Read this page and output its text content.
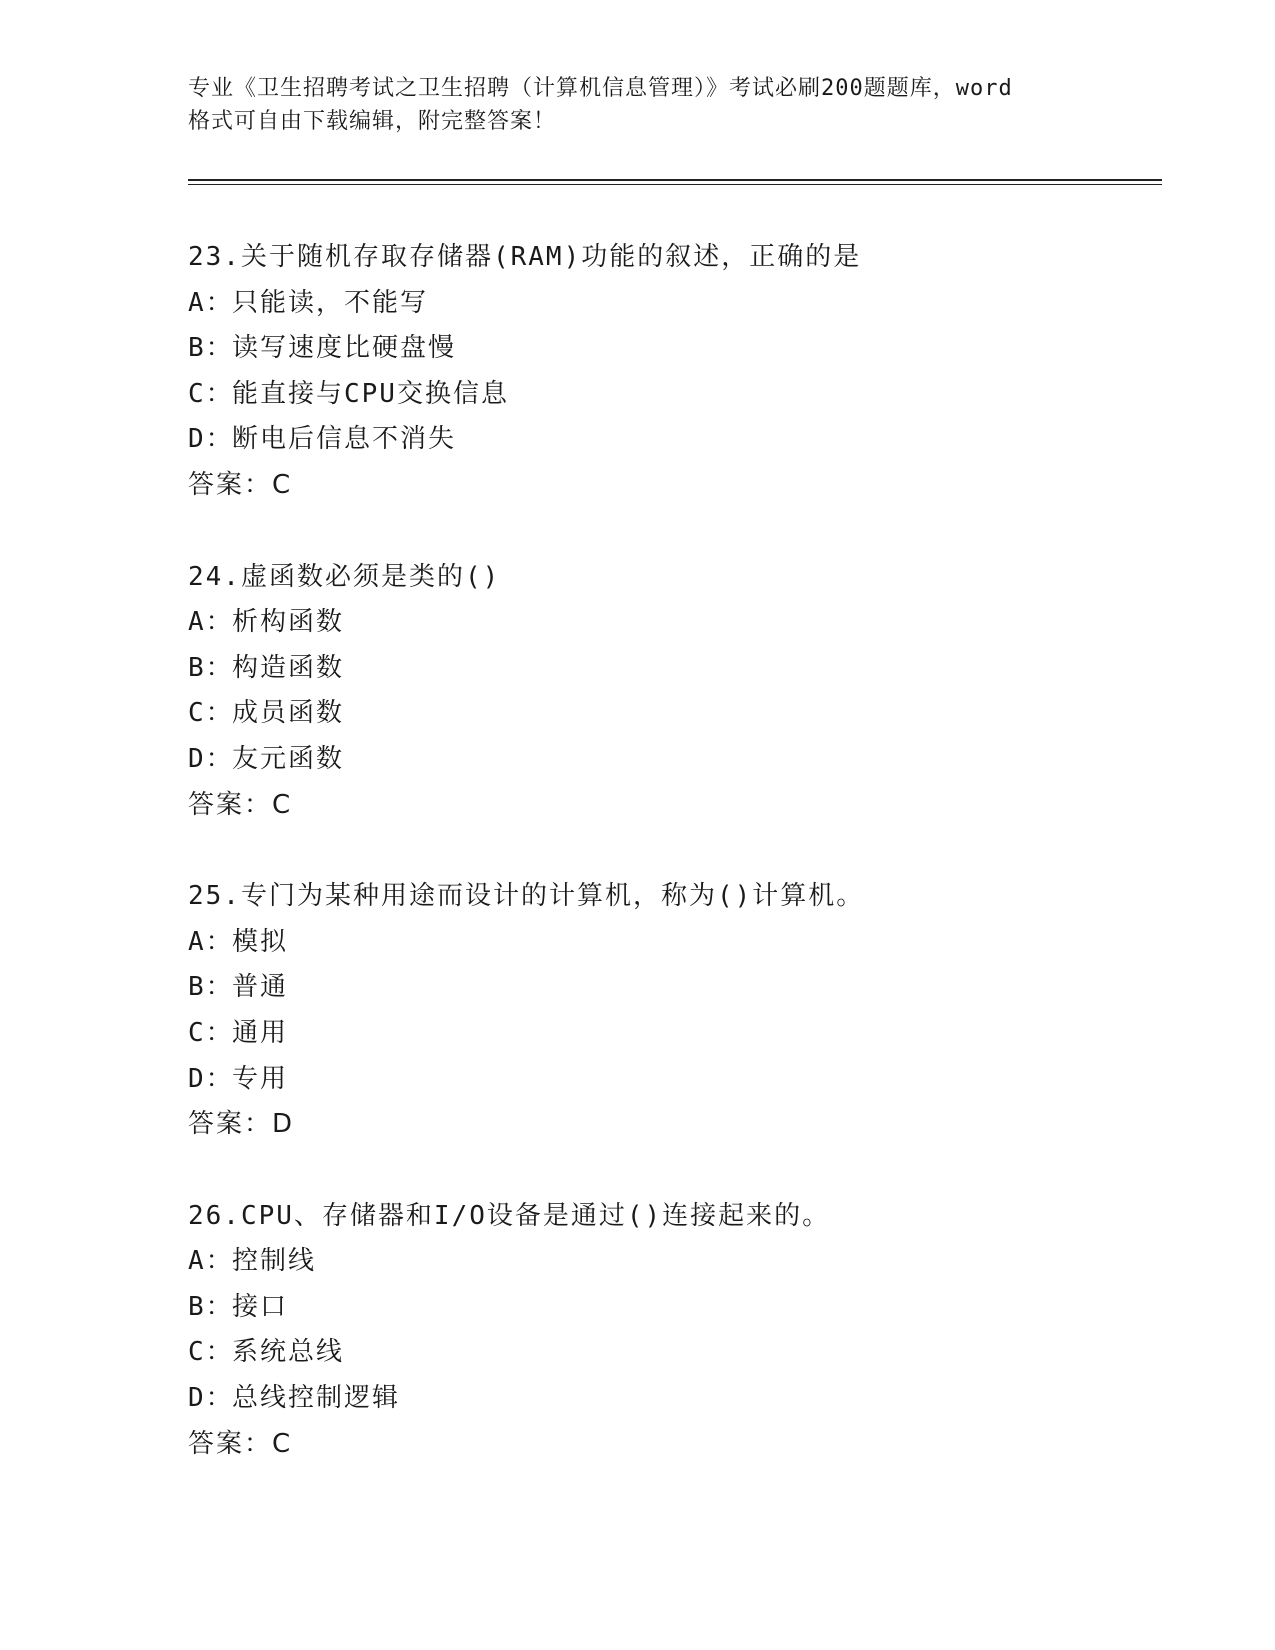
专业《卫生招聘考试之卫生招聘（计算机信息管理）》考试必刷200题题库，word
格式可自由下载编辑，附完整答案！
23.关于随机存取存储器(RAM)功能的叙述，正确的是
A：只能读，不能写
B：读写速度比硬盘慢
C：能直接与CPU交换信息
D：断电后信息不消失
答案：C
24.虚函数必须是类的()
A：析构函数
B：构造函数
C：成员函数
D：友元函数
答案：C
25.专门为某种用途而设计的计算机，称为()计算机。
A：模拟
B：普通
C：通用
D：专用
答案：D
26.CPU、存储器和I/O设备是通过()连接起来的。
A：控制线
B：接口
C：系统总线
D：总线控制逻辑
答案：C
